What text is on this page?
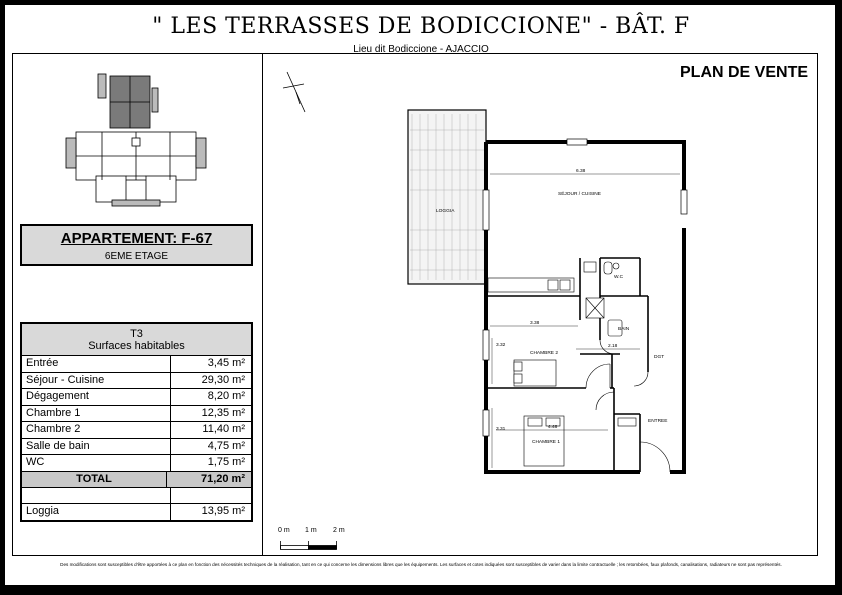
" LES TERRASSES DE BODICCIONE" - BÂT. F
Lieu dit Bodiccione - AJACCIO
PLAN DE VENTE
APPARTEMENT: F-67
6EME ETAGE
T3
Surfaces habitables
Entrée	3,45 m²
Séjour - Cuisine	29,30 m²
Dégagement	8,20 m²
Chambre 1	12,35 m²
Chambre 2	11,40 m²
Salle de bain	4,75 m²
WC	1,75 m²
TOTAL	71,20 m²
Loggia	13,95 m²
LOGGIA
SÉJOUR / CUISINE
W.C
BAIN
CHAMBRE 2
CHAMBRE 1
DGT
ENTREE
6.38
3.38
3.32	2.18
4.48
3.31
0 m 1 m 2 m
Des modifications sont susceptibles d'être apportées à ce plan en fonction des nécessités techniques de la réalisation, tant en ce qui concerne les dimensions libres que les équipements. Les surfaces et cotes indiquées sont susceptibles de varier dans la limite contractuelle ; les retombées, faux plafonds, canalisations, radiateurs ne sont pas représentés.
